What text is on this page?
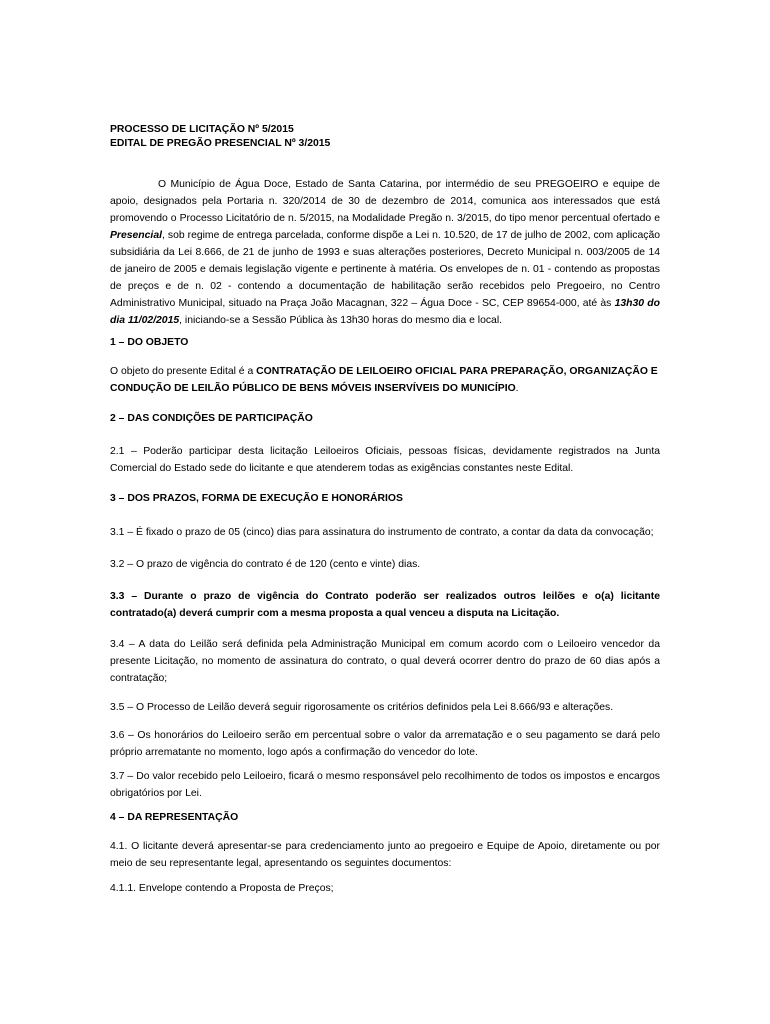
PROCESSO DE LICITAÇÃO Nº 5/2015
EDITAL DE PREGÃO PRESENCIAL Nº 3/2015

O Município de Água Doce, Estado de Santa Catarina, por intermédio de seu PREGOEIRO e equipe de apoio, designados pela Portaria n. 320/2014 de 30 de dezembro de 2014, comunica aos interessados que está promovendo o Processo Licitatório de n. 5/2015, na Modalidade Pregão n. 3/2015, do tipo menor percentual ofertado e Presencial, sob regime de entrega parcelada, conforme dispõe a Lei n. 10.520, de 17 de julho de 2002, com aplicação subsidiária da Lei 8.666, de 21 de junho de 1993 e suas alterações posteriores, Decreto Municipal n. 003/2005 de 14 de janeiro de 2005 e demais legislação vigente e pertinente à matéria. Os envelopes de n. 01 - contendo as propostas de preços e de n. 02 - contendo a documentação de habilitação serão recebidos pelo Pregoeiro, no Centro Administrativo Municipal, situado na Praça João Macagnan, 322 – Água Doce - SC, CEP 89654-000, até às 13h30 do dia 11/02/2015, iniciando-se a Sessão Pública às 13h30 horas do mesmo dia e local.

1 – DO OBJETO

O objeto do presente Edital é a CONTRATAÇÃO DE LEILOEIRO OFICIAL PARA PREPARAÇÃO, ORGANIZAÇÃO E CONDUÇÃO DE LEILÃO PÚBLICO DE BENS MÓVEIS INSERVÍVEIS DO MUNICÍPIO.

2 – DAS CONDIÇÕES DE PARTICIPAÇÃO

2.1 – Poderão participar desta licitação Leiloeiros Oficiais, pessoas físicas, devidamente registrados na Junta Comercial do Estado sede do licitante e que atenderem todas as exigências constantes neste Edital.

3 – DOS PRAZOS, FORMA DE EXECUÇÃO E HONORÁRIOS

3.1 – É fixado o prazo de 05 (cinco) dias para assinatura do instrumento de contrato, a contar da data da convocação;

3.2 – O prazo de vigência do contrato é de 120 (cento e vinte) dias.

3.3 – Durante o prazo de vigência do Contrato poderão ser realizados outros leilões e o(a) licitante contratado(a) deverá cumprir com a mesma proposta a qual venceu a disputa na Licitação.

3.4 – A data do Leilão será definida pela Administração Municipal em comum acordo com o Leiloeiro vencedor da presente Licitação, no momento de assinatura do contrato, o qual deverá ocorrer dentro do prazo de 60 dias após a contratação;

3.5 – O Processo de Leilão deverá seguir rigorosamente os critérios definidos pela Lei 8.666/93 e alterações.

3.6 – Os honorários do Leiloeiro serão em percentual sobre o valor da arrematação e o seu pagamento se dará pelo próprio arrematante no momento, logo após a confirmação do vencedor do lote.

3.7 – Do valor recebido pelo Leiloeiro, ficará o mesmo responsável pelo recolhimento de todos os impostos e encargos obrigatórios por Lei.

4 – DA REPRESENTAÇÃO

4.1. O licitante deverá apresentar-se para credenciamento junto ao pregoeiro e Equipe de Apoio, diretamente ou por meio de seu representante legal, apresentando os seguintes documentos:

4.1.1. Envelope contendo a Proposta de Preços;
